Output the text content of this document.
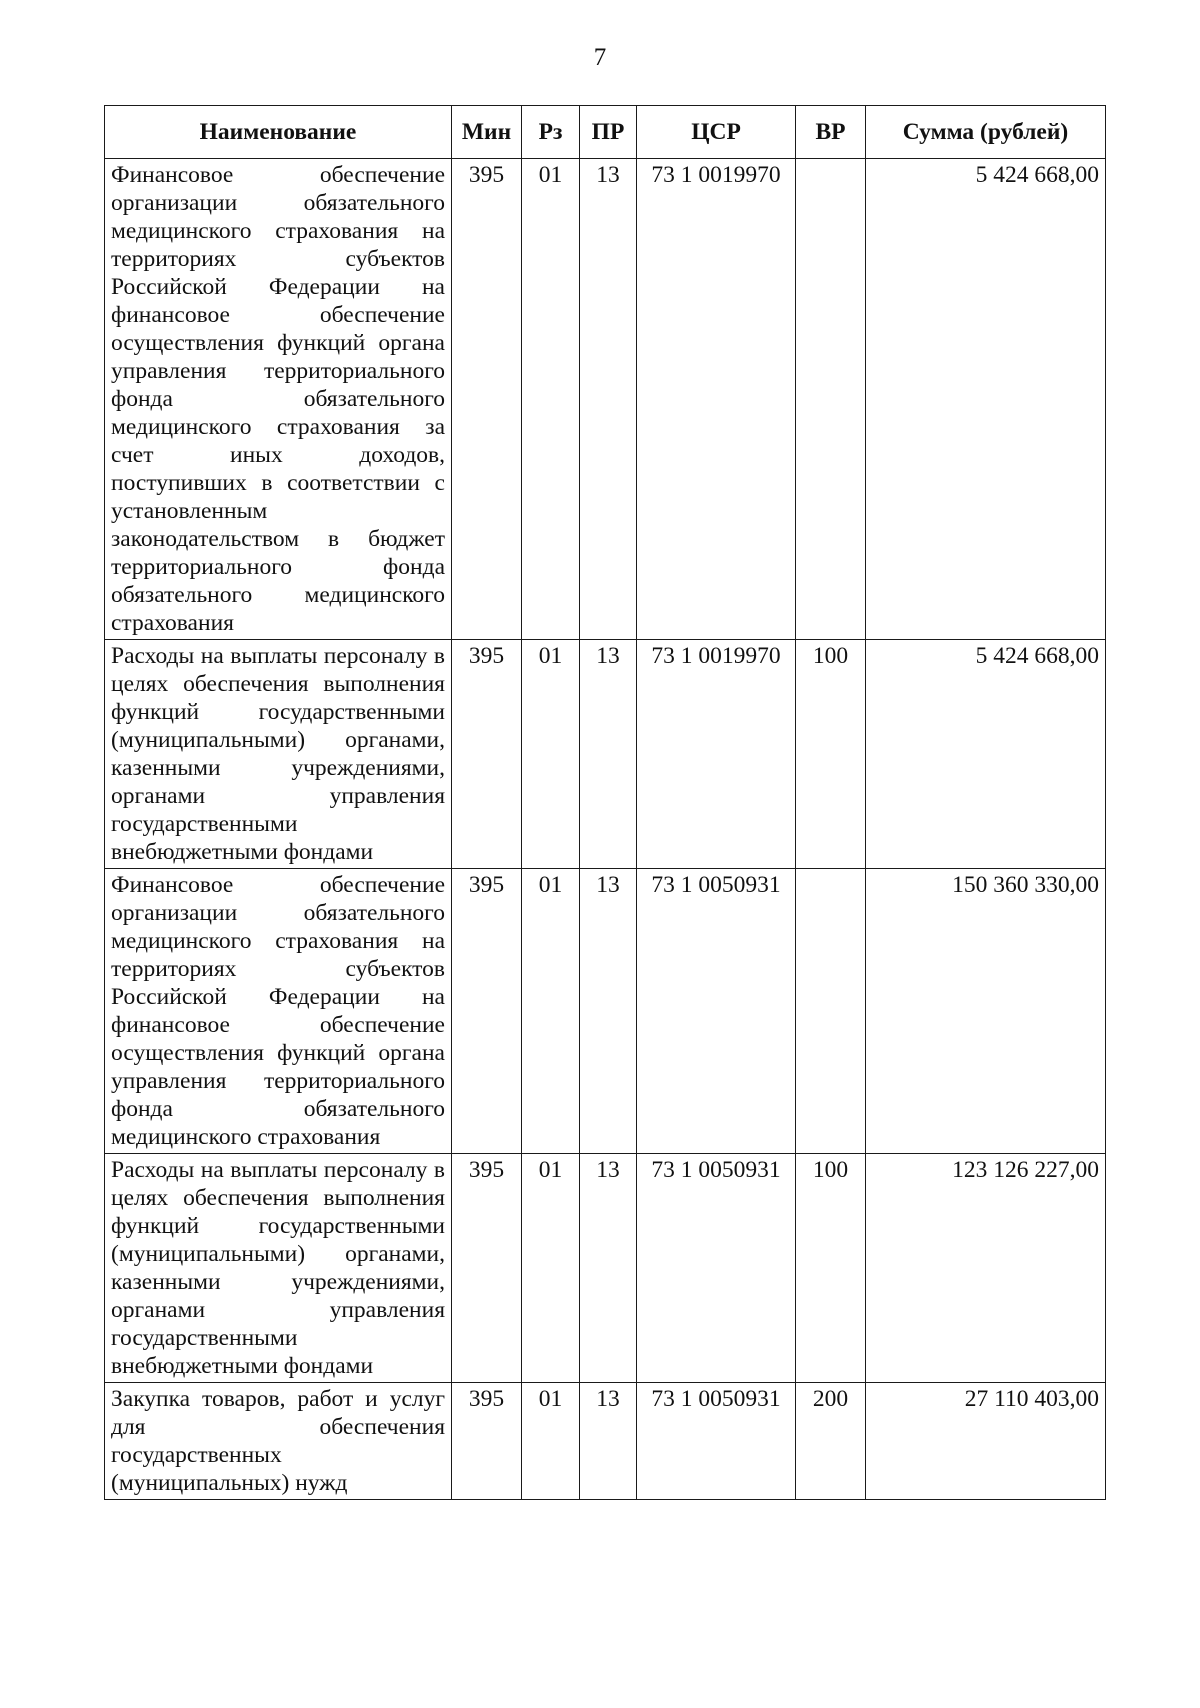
7
Наименование	Мин	Рз	ПР	ЦСР	ВР	Сумма (рублей)
Финансовое обеспечение организации обязательного медицинского страхования на территориях субъектов Российской Федерации на финансовое обеспечение осуществления функций органа управления территориального фонда обязательного медицинского страхования за счет иных доходов, поступивших в соответствии с установленным законодательством в бюджет территориального фонда обязательного медицинского страхования	395	01	13	73 1 0019970		5 424 668,00
Расходы на выплаты персоналу в целях обеспечения выполнения функций государственными (муниципальными) органами, казенными учреждениями, органами управления государственными внебюджетными фондами	395	01	13	73 1 0019970	100	5 424 668,00
Финансовое обеспечение организации обязательного медицинского страхования на территориях субъектов Российской Федерации на финансовое обеспечение осуществления функций органа управления территориального фонда обязательного медицинского страхования	395	01	13	73 1 0050931		150 360 330,00
Расходы на выплаты персоналу в целях обеспечения выполнения функций государственными (муниципальными) органами, казенными учреждениями, органами управления государственными внебюджетными фондами	395	01	13	73 1 0050931	100	123 126 227,00
Закупка товаров, работ и услуг для обеспечения государственных (муниципальных) нужд	395	01	13	73 1 0050931	200	27 110 403,00
